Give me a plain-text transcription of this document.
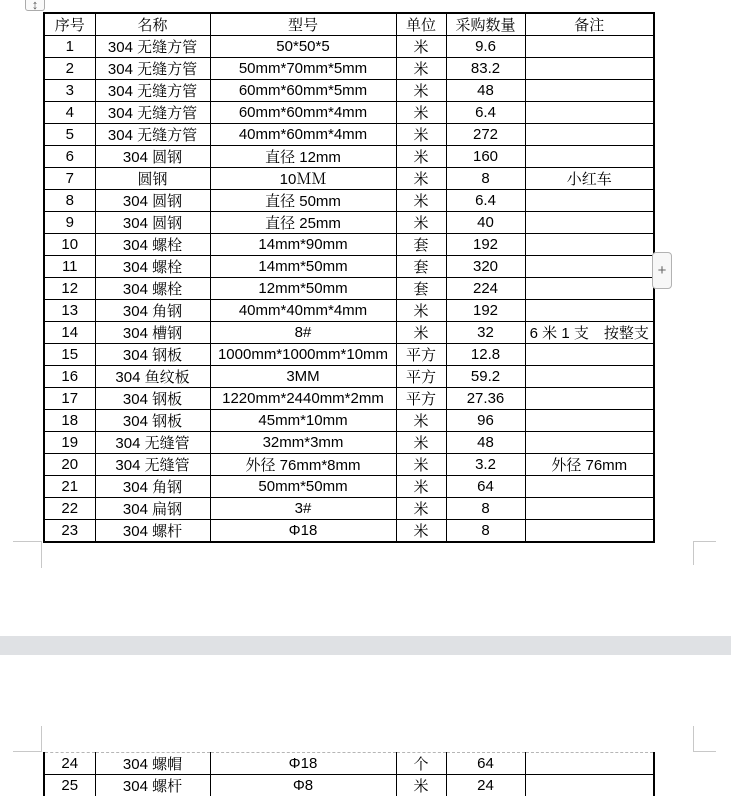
↕
序号	名称	型号	单位	采购数量	备注
1	304 无缝方管	50*50*5	米	9.6	
2	304 无缝方管	50mm*70mm*5mm	米	83.2	
3	304 无缝方管	60mm*60mm*5mm	米	48	
4	304 无缝方管	60mm*60mm*4mm	米	6.4	
5	304 无缝方管	40mm*60mm*4mm	米	272	
6	304 圆钢	直径 12mm	米	160	
7	圆钢	10ＭＭ	米	8	小红车
8	304 圆钢	直径 50mm	米	6.4	
9	304 圆钢	直径 25mm	米	40	
10	304 螺栓	14mm*90mm	套	192	
11	304 螺栓	14mm*50mm	套	320	
12	304 螺栓	12mm*50mm	套	224	
13	304 角钢	40mm*40mm*4mm	米	192	
14	304 槽钢	8#	米	32	6 米 1 支　按整支
15	304 钢板	1000mm*1000mm*10mm	平方	12.8	
16	304 鱼纹板	3MM	平方	59.2	
17	304 钢板	1220mm*2440mm*2mm	平方	27.36	
18	304 钢板	45mm*10mm	米	96	
19	304 无缝管	32mm*3mm	米	48	
20	304 无缝管	外径 76mm*8mm	米	3.2	外径 76mm
21	304 角钢	50mm*50mm	米	64	
22	304 扁钢	3#	米	8	
23	304 螺杆	Φ18	米	8	
+
24	304 螺帽	Φ18	个	64	
25	304 螺杆	Φ8	米	24	
